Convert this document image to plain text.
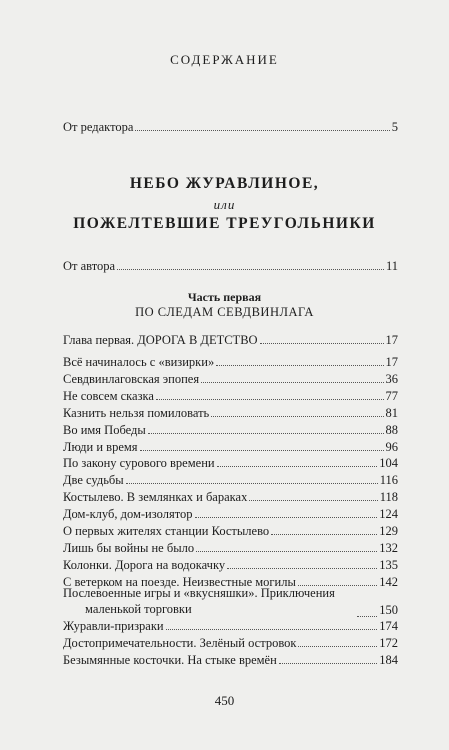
СОДЕРЖАНИЕ
От редактора	5
НЕБО ЖУРАВЛИНОЕ,
или
ПОЖЕЛТЕВШИЕ ТРЕУГОЛЬНИКИ
От автора	11
Часть первая
ПО СЛЕДАМ СЕВДВИНЛАГА
Глава первая. ДОРОГА В ДЕТСТВО	17
Всё начиналось с «визирки»	17
Севдвинлаговская эпопея	36
Не совсем сказка	77
Казнить нельзя помиловать	81
Во имя Победы	88
Люди и время	96
По закону сурового времени	104
Две судьбы	116
Костылево. В землянках и бараках	118
Дом-клуб, дом-изолятор	124
О первых жителях станции Костылево	129
Лишь бы войны не было	132
Колонки. Дорога на водокачку	135
С ветерком на поезде. Неизвестные могилы	142
Послевоенные игры и «вкусняшки». Приключения
маленькой торговки	150
Журавли-призраки	174
Достопримечательности. Зелёный островок	172
Безымянные косточки. На стыке времён	184
450
